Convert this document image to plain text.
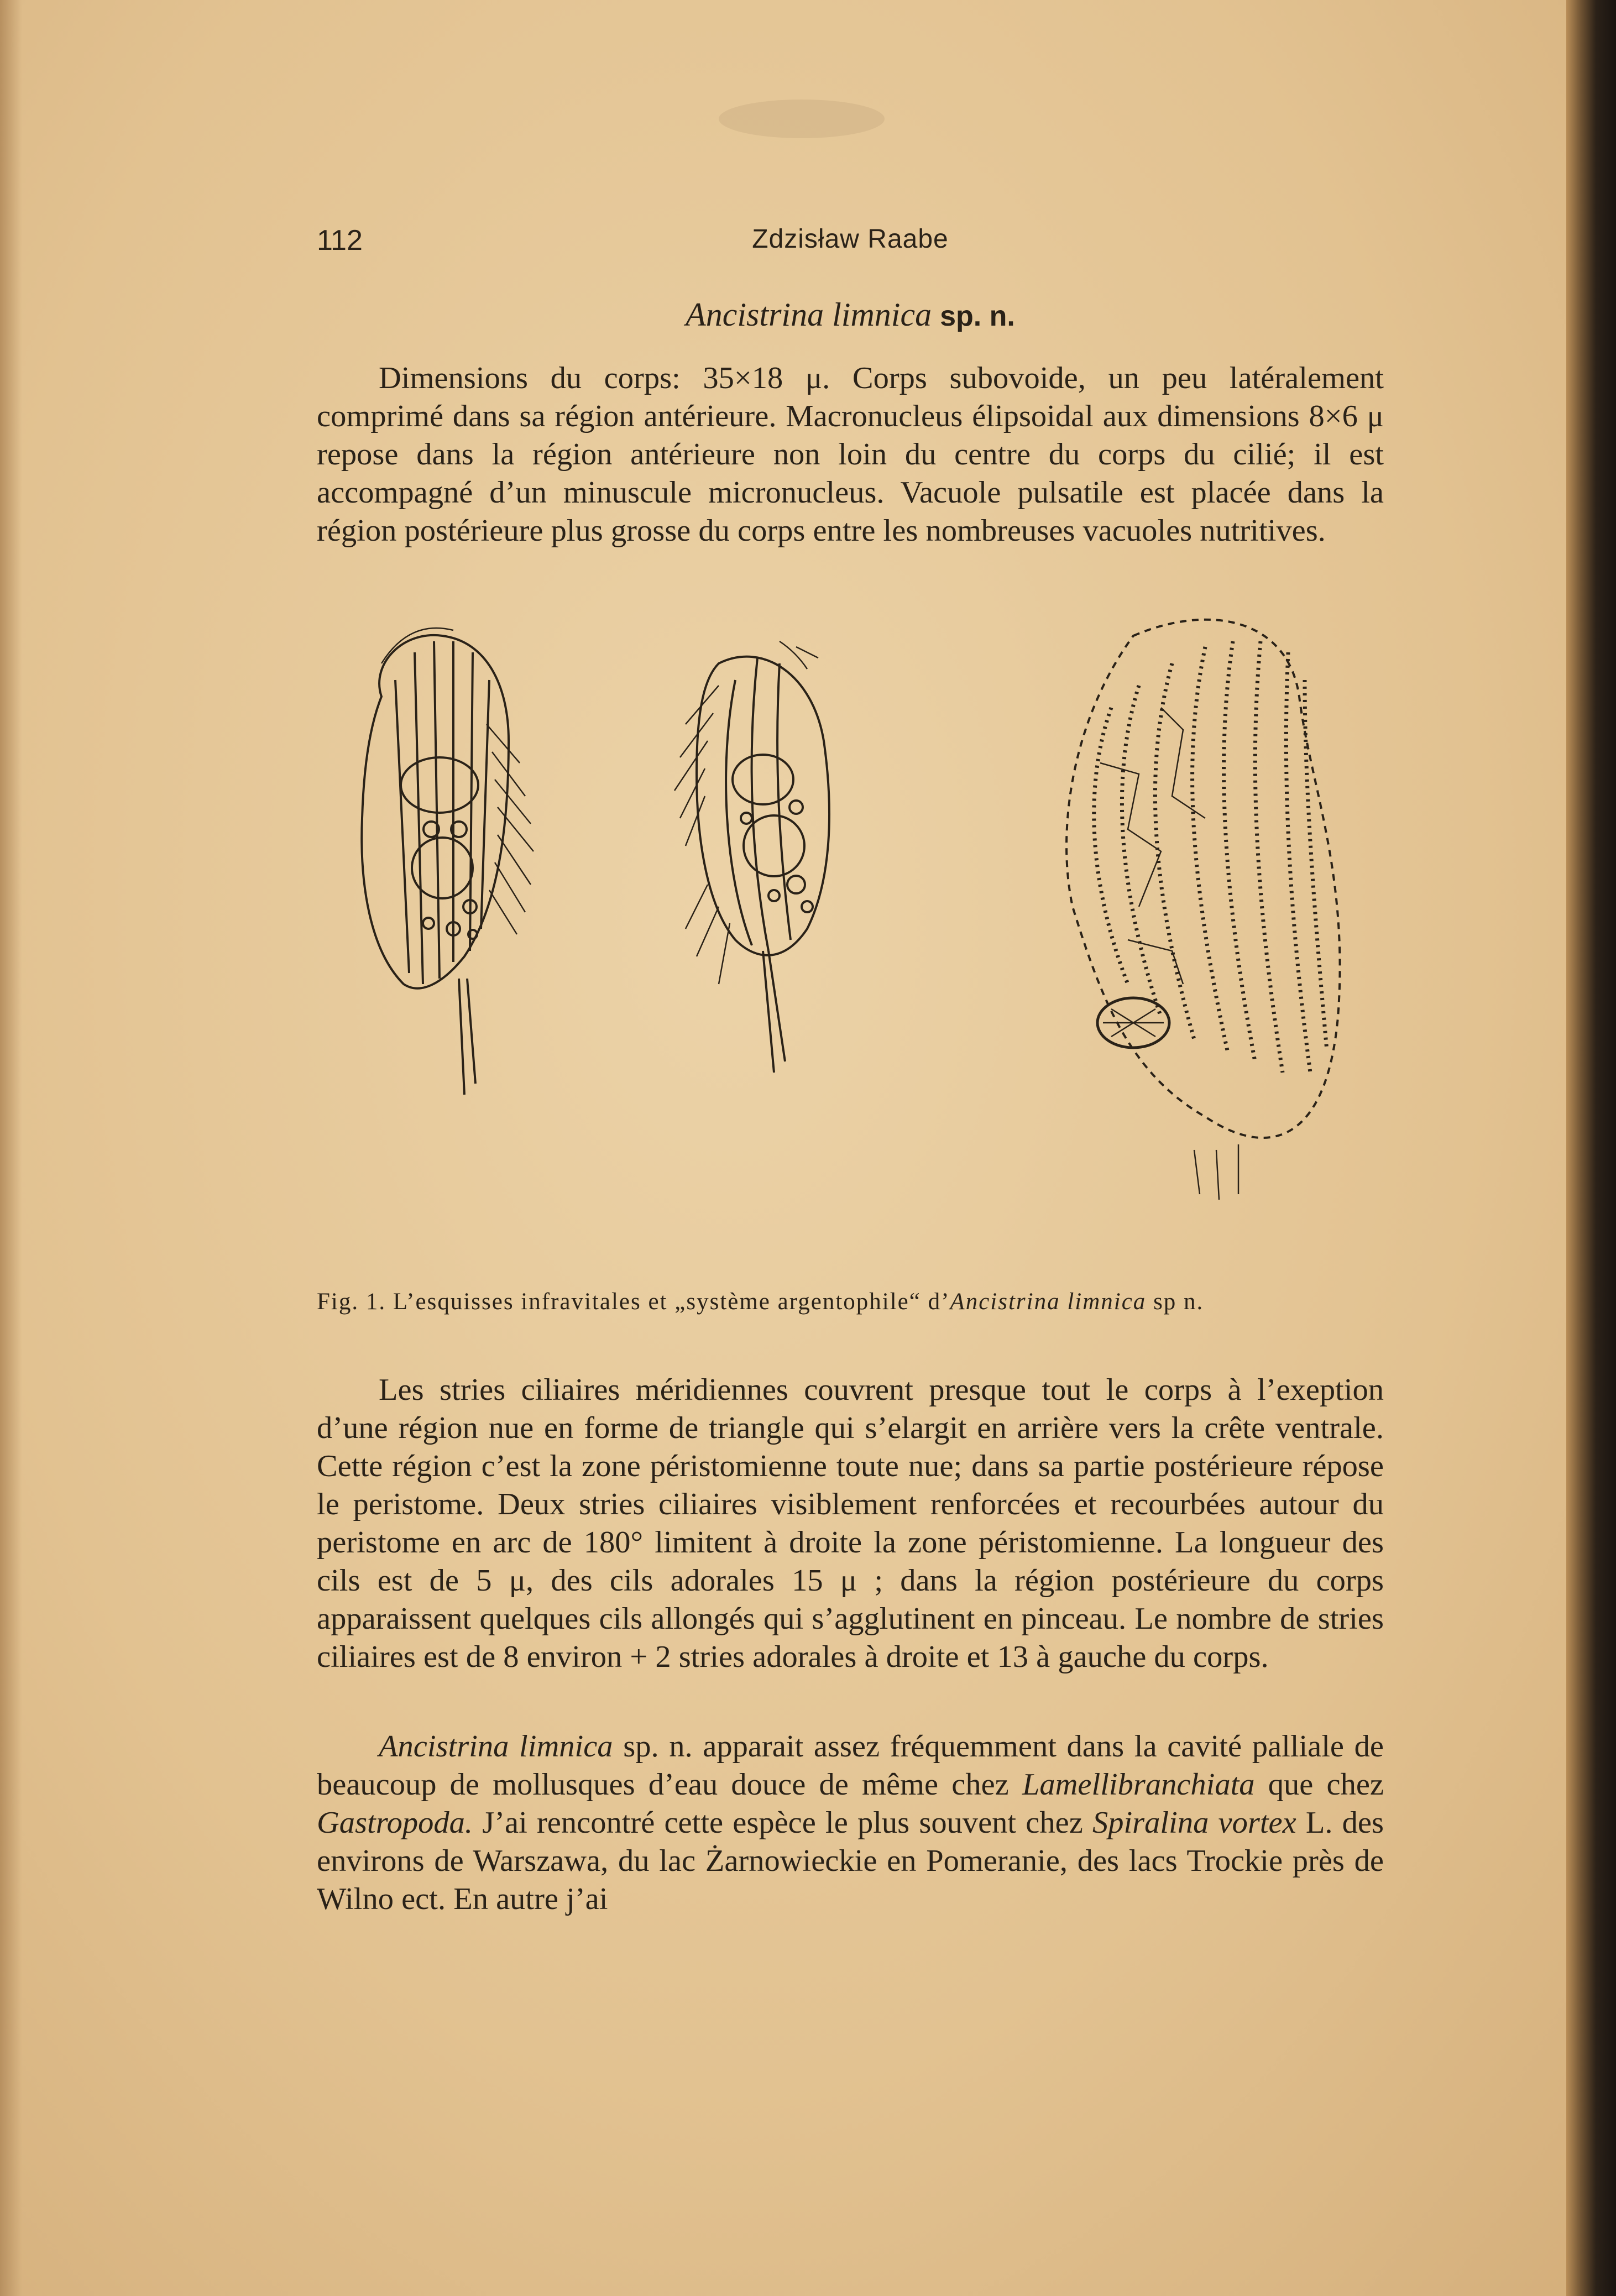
112	Zdzisław Raabe
Ancistrina limnica sp. n.
Dimensions du corps: 35×18 μ. Corps subovoide, un peu latéralement comprimé dans sa région antérieure. Macronucleus élipsoidal aux dimensions 8×6 μ repose dans la région antérieure non loin du centre du corps du cilié; il est accompagné d’un minuscule micronucleus. Vacuole pulsatile est placée dans la région postérieure plus grosse du corps entre les nombreuses vacuoles nutritives.
Fig. 1. L’esquisses infravitales et „système argentophile“ d’Ancistrina limnica sp n.
Les stries ciliaires méridiennes couvrent presque tout le corps à l’exeption d’une région nue en forme de triangle qui s’elargit en arrière vers la crête ventrale. Cette région c’est la zone péristomienne toute nue; dans sa partie postérieure répose le peristome. Deux stries ciliaires visiblement renforcées et recourbées autour du peristome en arc de 180° limitent à droite la zone péristomienne. La longueur des cils est de 5 μ, des cils adorales 15 μ ; dans la région postérieure du corps apparaissent quelques cils allongés qui s’agglutinent en pinceau. Le nombre de stries ciliaires est de 8 environ + 2 stries adorales à droite et 13 à gauche du corps.
Ancistrina limnica sp. n. apparait assez fréquemment dans la cavité palliale de beaucoup de mollusques d’eau douce de même chez Lamellibranchiata que chez Gastropoda. J’ai rencontré cette espèce le plus souvent chez Spiralina vortex L. des environs de Warszawa, du lac Żarnowieckie en Pomeranie, des lacs Trockie près de Wilno ect. En autre j’ai
